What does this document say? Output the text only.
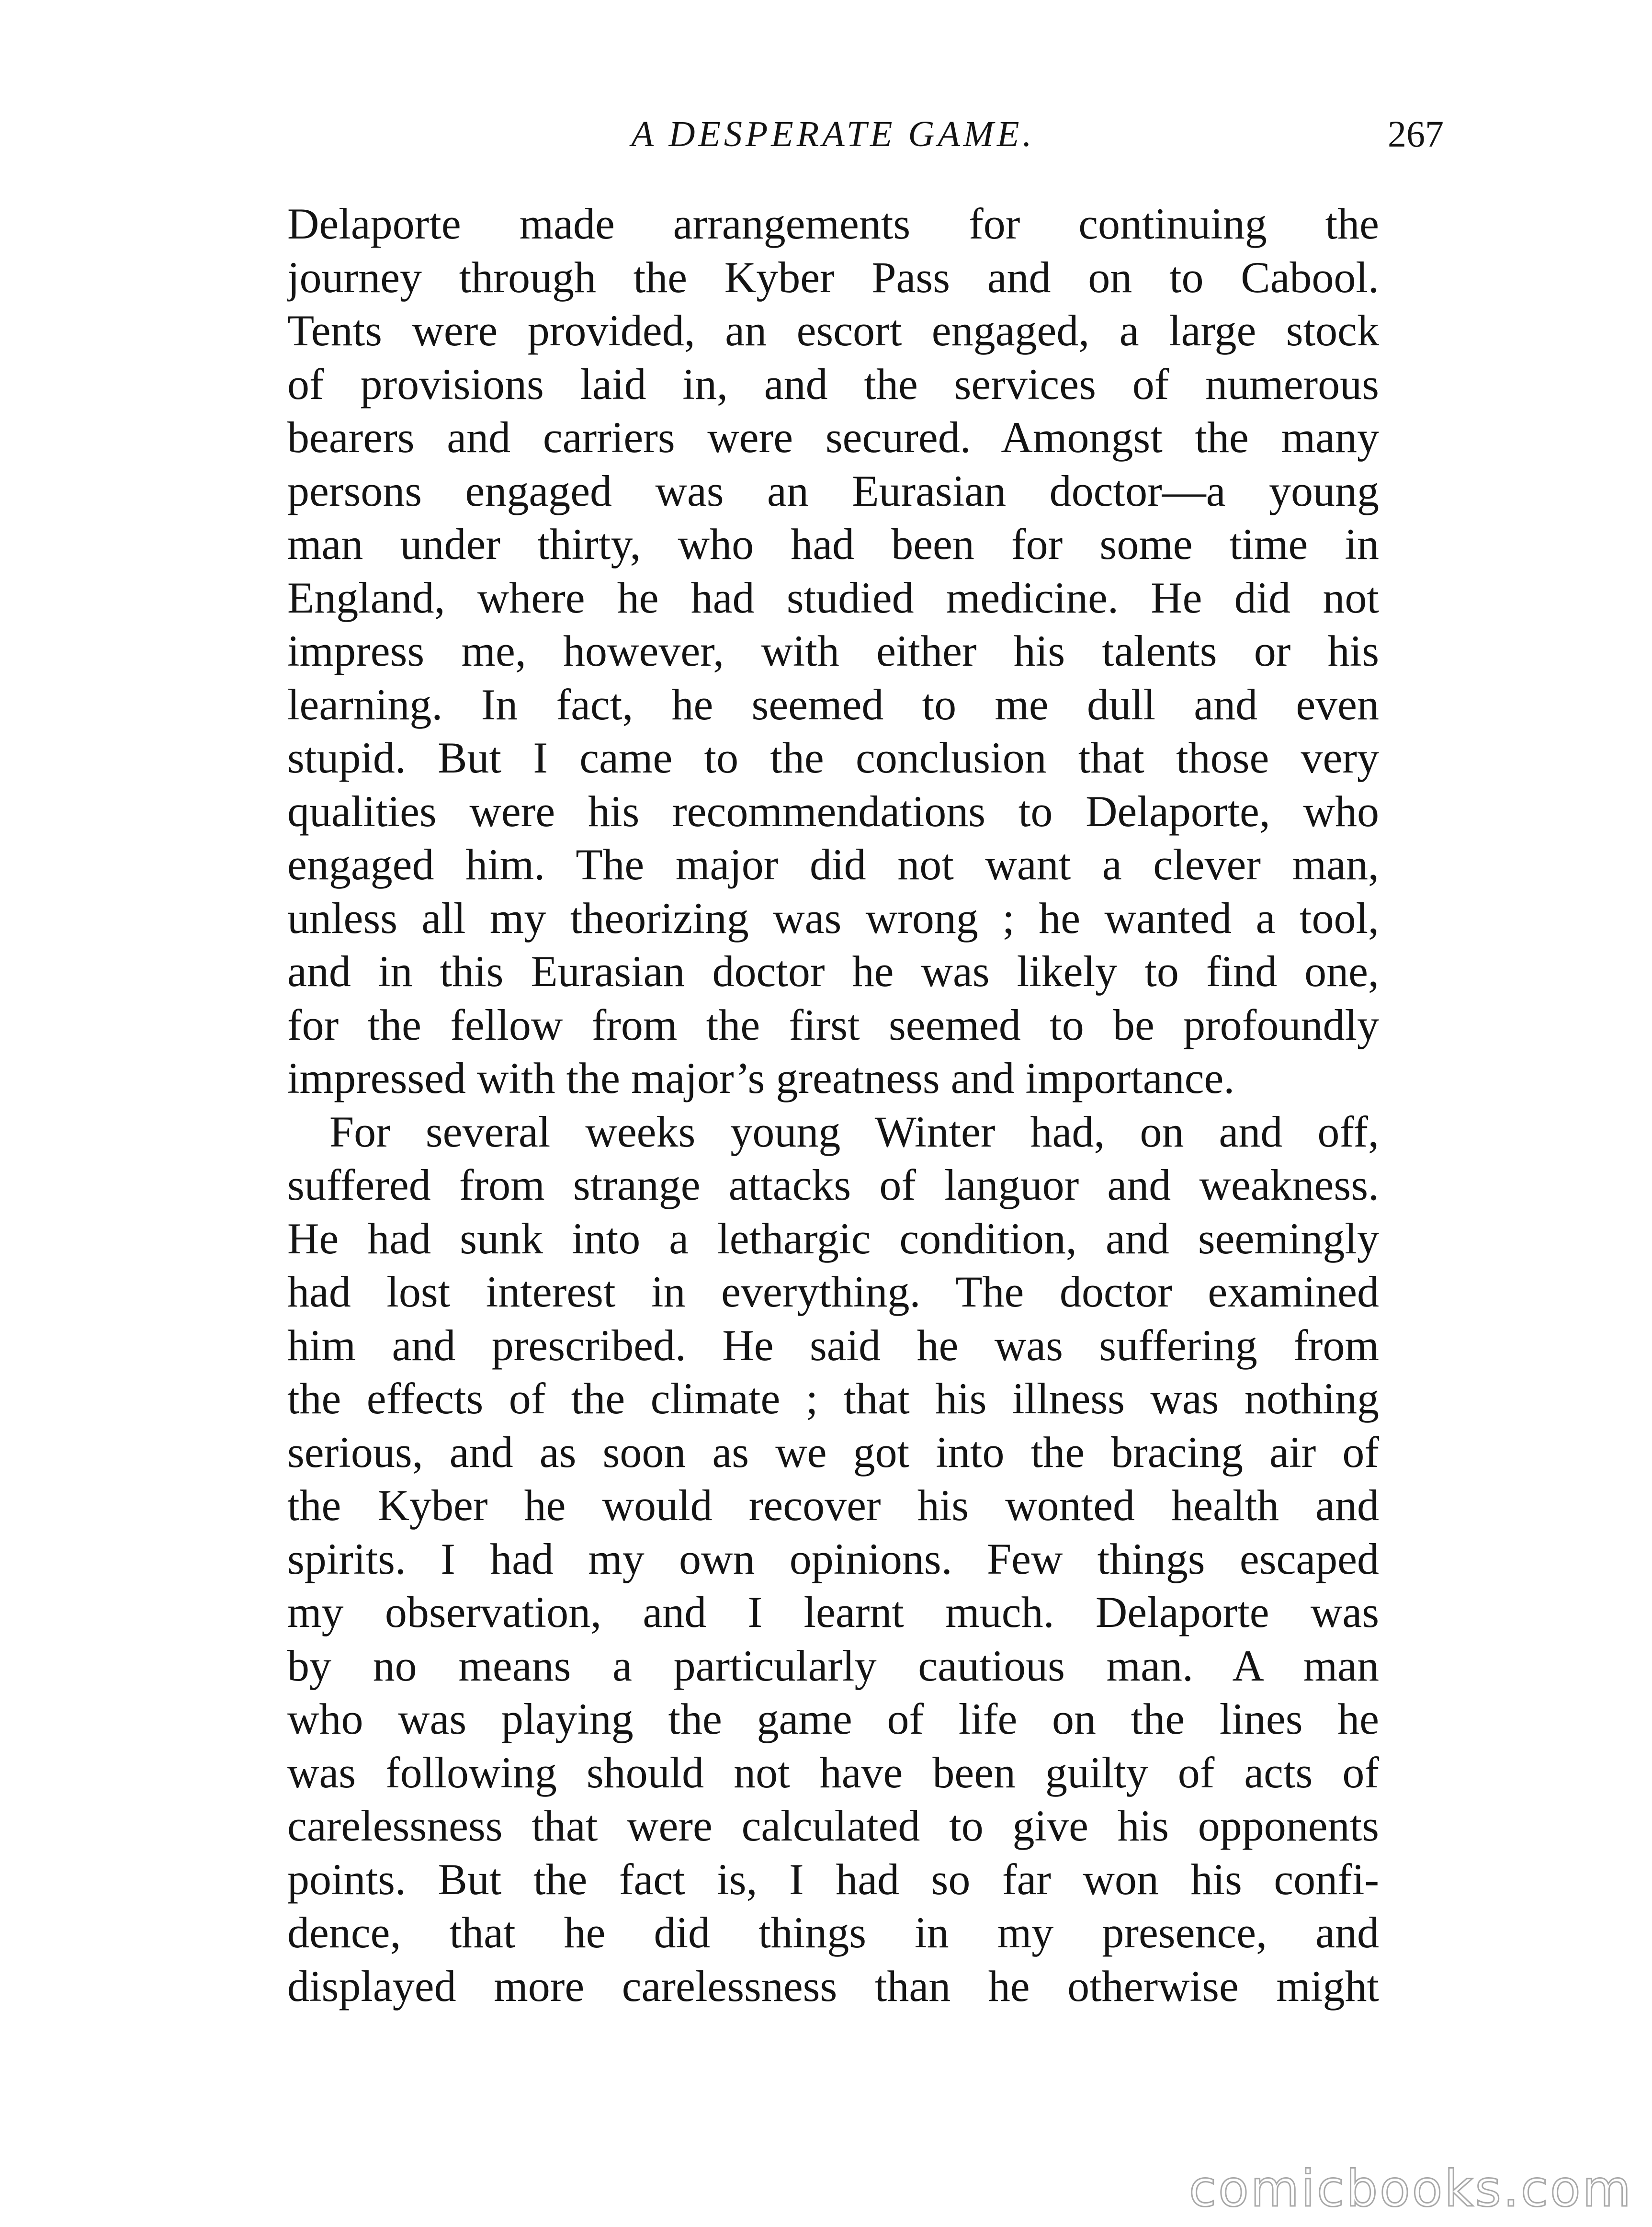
A DESPERATE GAME.	267
Delaporte made arrangements for continuing the
journey through the Kyber Pass and on to Cabool.
Tents were provided, an escort engaged, a large stock
of provisions laid in, and the services of numerous
bearers and carriers were secured. Amongst the many
persons engaged was an Eurasian doctor—a young
man under thirty, who had been for some time in
England, where he had studied medicine. He did not
impress me, however, with either his talents or his
learning. In fact, he seemed to me dull and even
stupid. But I came to the conclusion that those very
qualities were his recommendations to Delaporte, who
engaged him. The major did not want a clever man,
unless all my theorizing was wrong ; he wanted a tool,
and in this Eurasian doctor he was likely to find one,
for the fellow from the first seemed to be profoundly
impressed with the major’s greatness and importance.
For several weeks young Winter had, on and off,
suffered from strange attacks of languor and weakness.
He had sunk into a lethargic condition, and seemingly
had lost interest in everything. The doctor examined
him and prescribed. He said he was suffering from
the effects of the climate ; that his illness was nothing
serious, and as soon as we got into the bracing air of
the Kyber he would recover his wonted health and
spirits. I had my own opinions. Few things escaped
my observation, and I learnt much. Delaporte was
by no means a particularly cautious man. A man
who was playing the game of life on the lines he
was following should not have been guilty of acts of
carelessness that were calculated to give his opponents
points. But the fact is, I had so far won his confi-
dence, that he did things in my presence, and
displayed more carelessness than he otherwise might
comicbooks.com
